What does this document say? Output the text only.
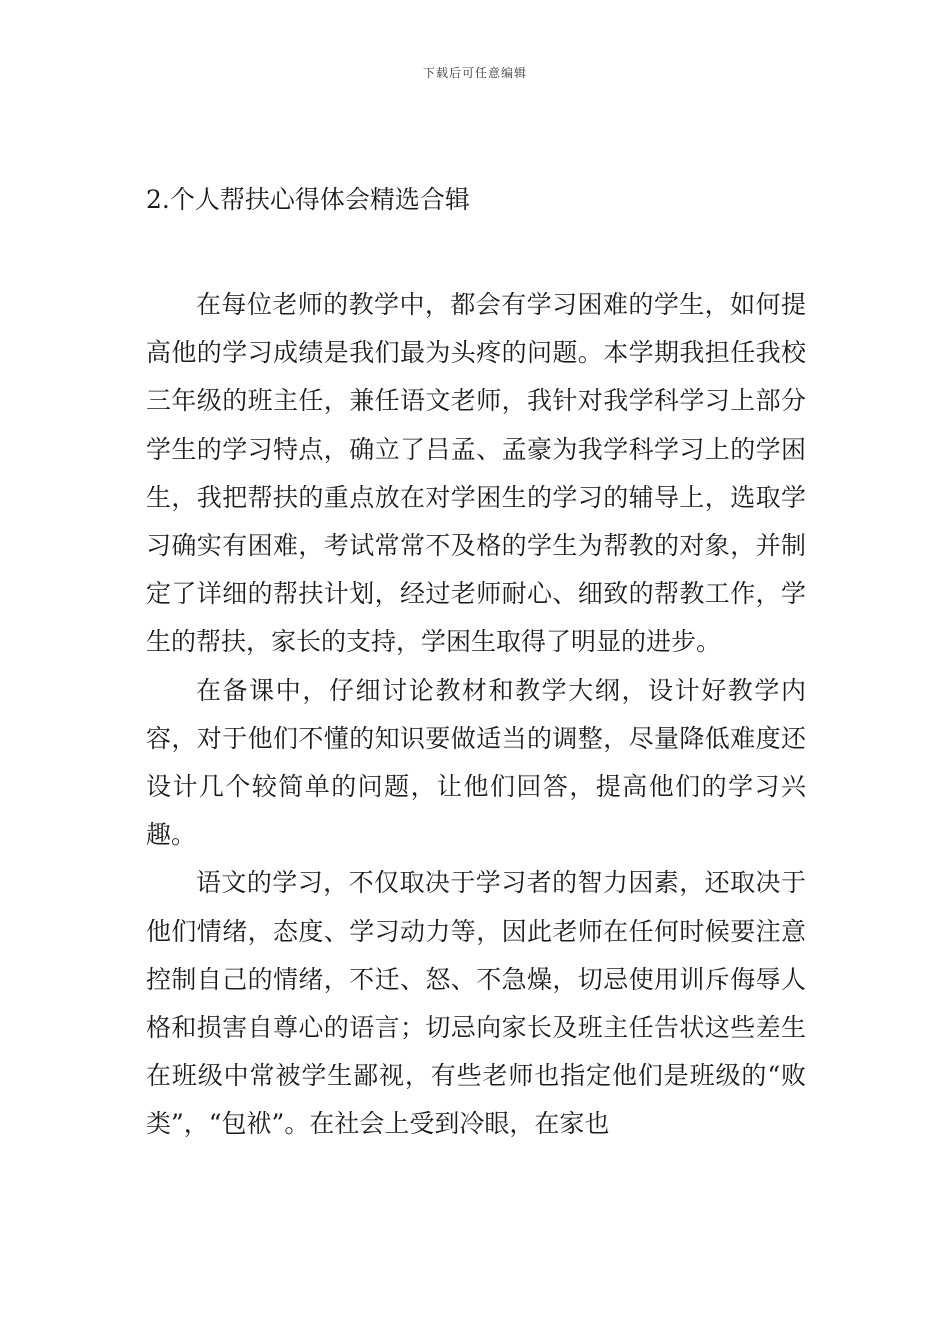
下载后可任意编辑
2.个人帮扶心得体会精选合辑

在每位老师的教学中，都会有学习困难的学生，如何提高他的学习成绩是我们最为头疼的问题。本学期我担任我校三年级的班主任，兼任语文老师，我针对我学科学习上部分学生的学习特点，确立了吕孟、孟豪为我学科学习上的学困生，我把帮扶的重点放在对学困生的学习的辅导上，选取学习确实有困难，考试常常不及格的学生为帮教的对象，并制定了详细的帮扶计划，经过老师耐心、细致的帮教工作，学生的帮扶，家长的支持，学困生取得了明显的进步。

在备课中，仔细讨论教材和教学大纲，设计好教学内容，对于他们不懂的知识要做适当的调整，尽量降低难度还设计几个较简单的问题，让他们回答，提高他们的学习兴趣。

语文的学习，不仅取决于学习者的智力因素，还取决于他们情绪，态度、学习动力等，因此老师在任何时候要注意控制自己的情绪，不迁、怒、不急燥，切忌使用训斥侮辱人格和损害自尊心的语言；切忌向家长及班主任告状这些差生在班级中常被学生鄙视，有些老师也指定他们是班级的“败类”，“包袱”。在社会上受到冷眼，在家也
